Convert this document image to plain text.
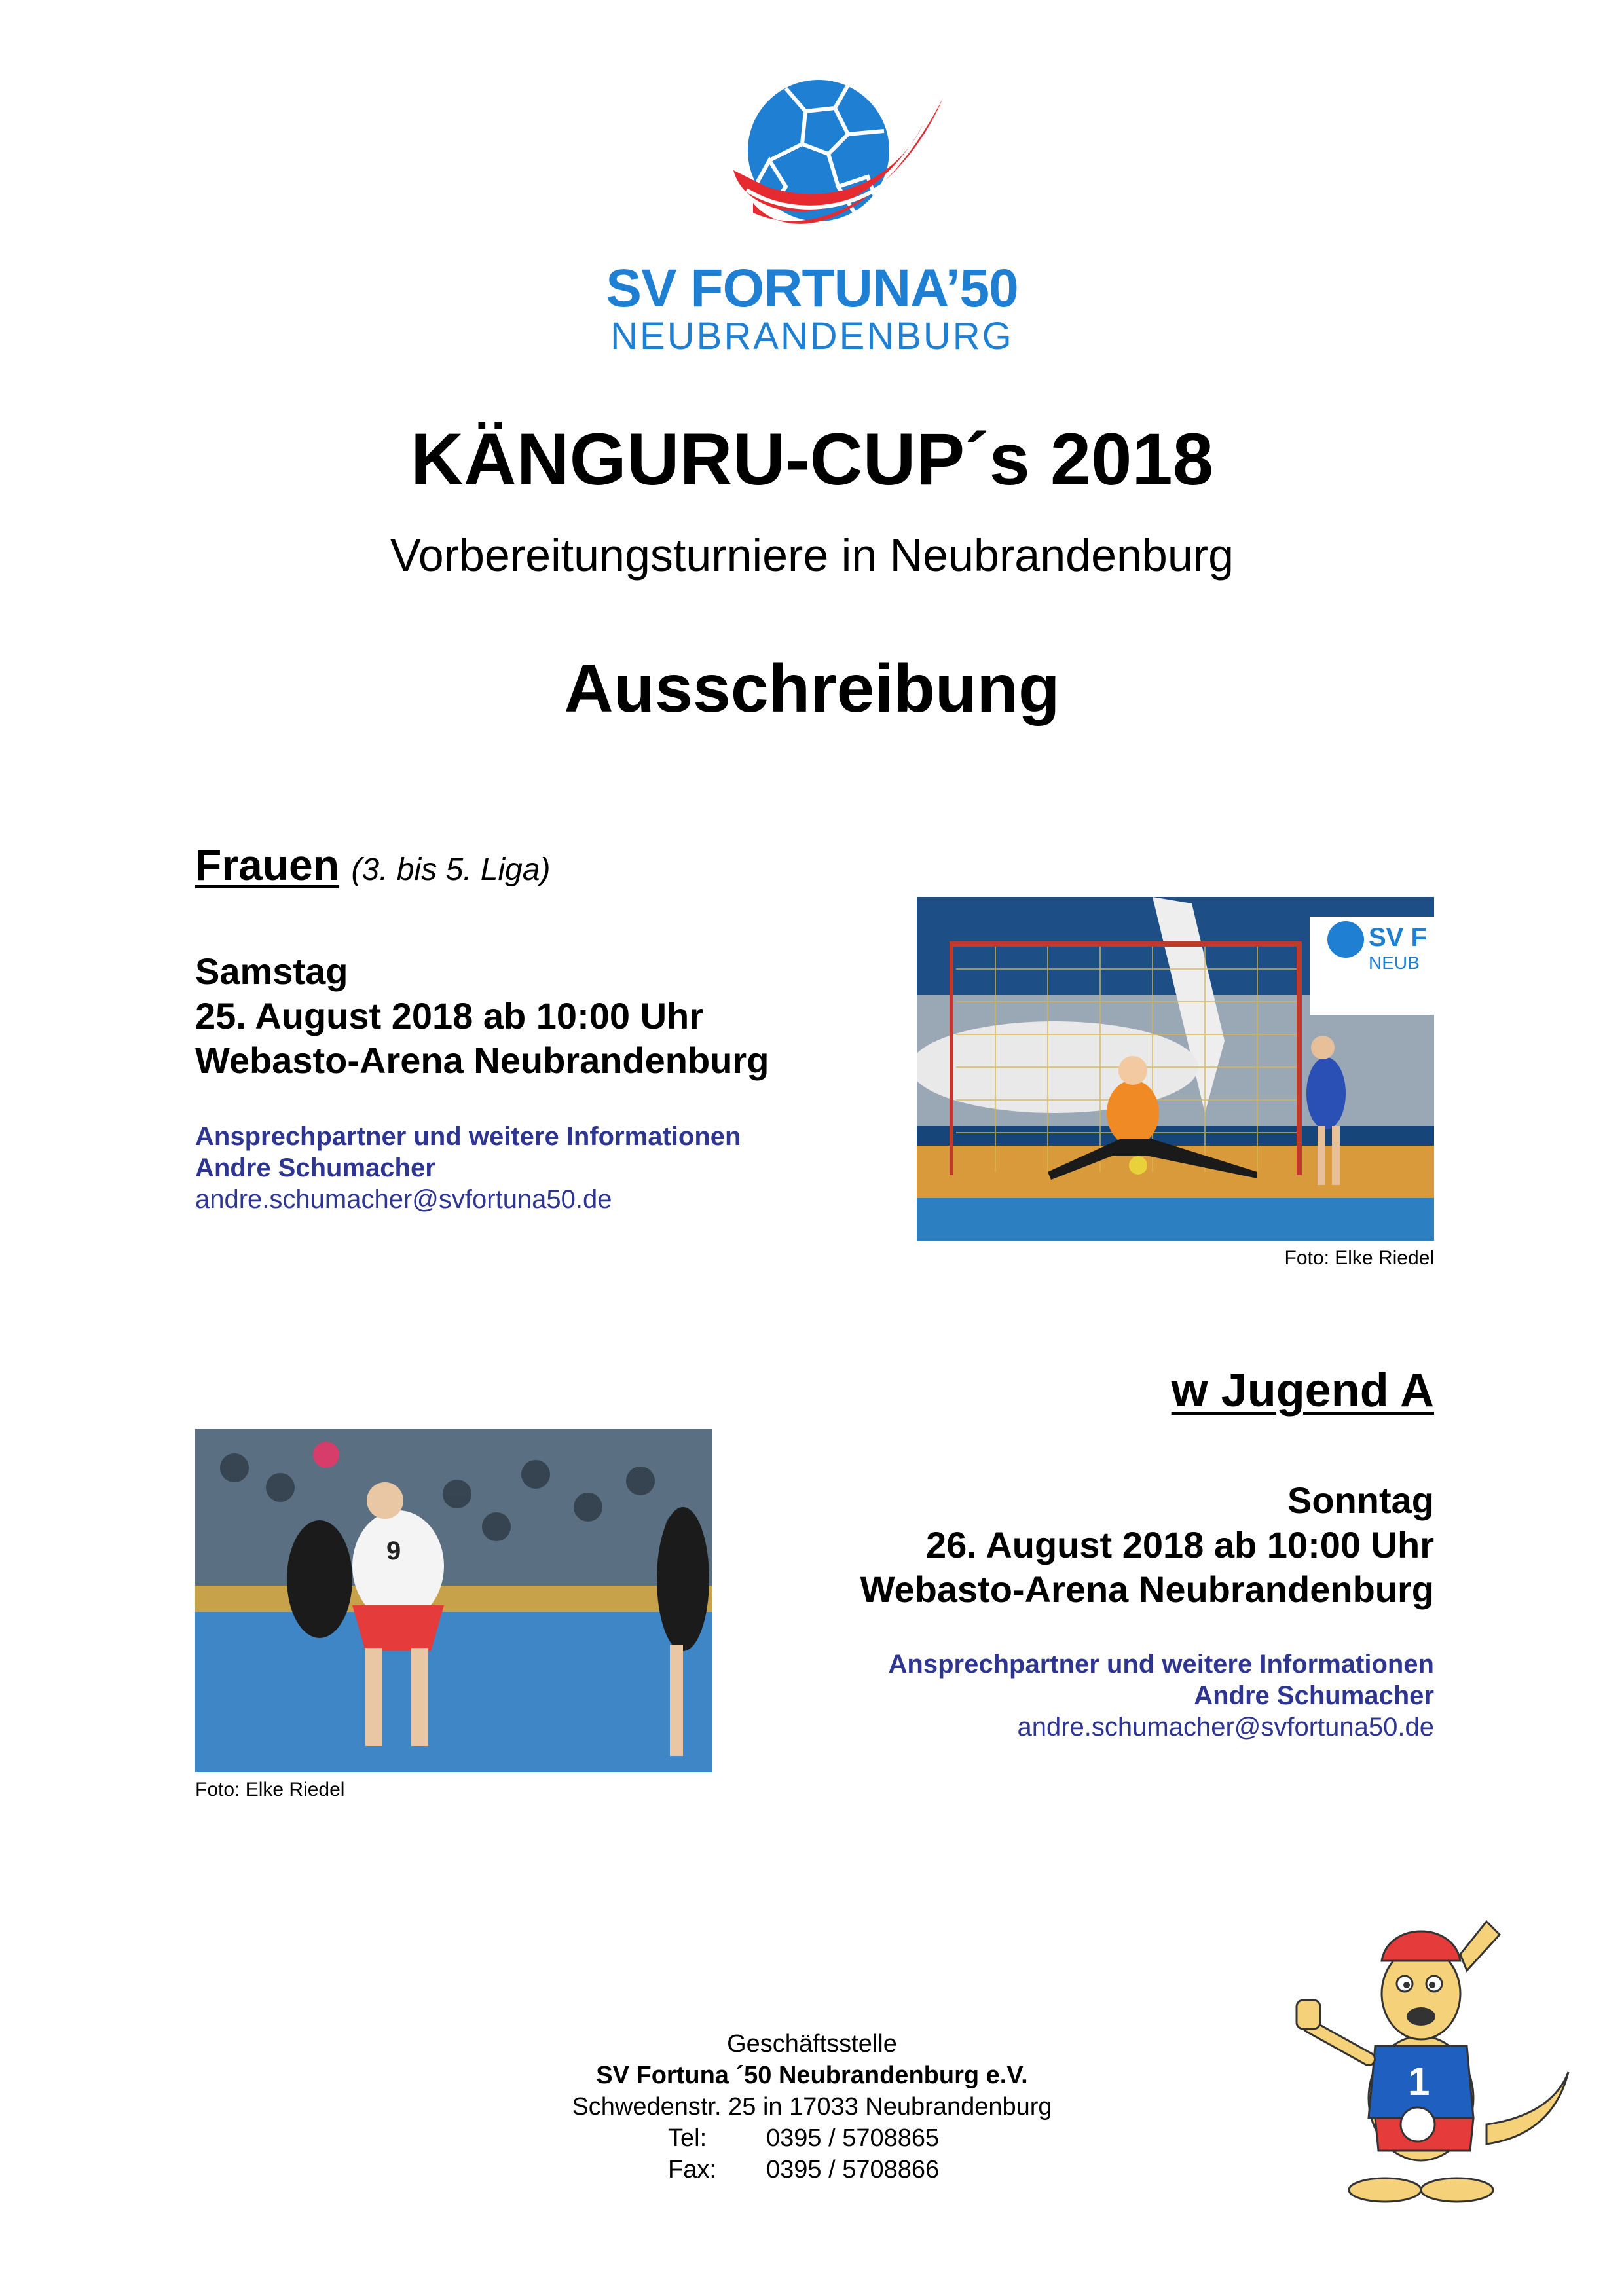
SV FORTUNA’50
NEUBRANDENBURG
KÄNGURU-CUP´s 2018
Vorbereitungsturniere in Neubrandenburg
Ausschreibung
Frauen (3. bis 5. Liga)
Samstag
25. August 2018 ab 10:00 Uhr
Webasto-Arena Neubrandenburg
Ansprechpartner und weitere Informationen
Andre Schumacher
andre.schumacher@svfortuna50.de
SV F
NEUB
Foto: Elke Riedel
w Jugend A
Sonntag
26. August 2018 ab 10:00 Uhr
Webasto-Arena Neubrandenburg
Ansprechpartner und weitere Informationen
Andre Schumacher
andre.schumacher@svfortuna50.de
9
Foto: Elke Riedel
Geschäftsstelle
SV Fortuna ´50 Neubrandenburg e.V.
Schwedenstr. 25 in 17033 Neubrandenburg
Tel: 0395 / 5708865
Fax: 0395 / 5708866
1
